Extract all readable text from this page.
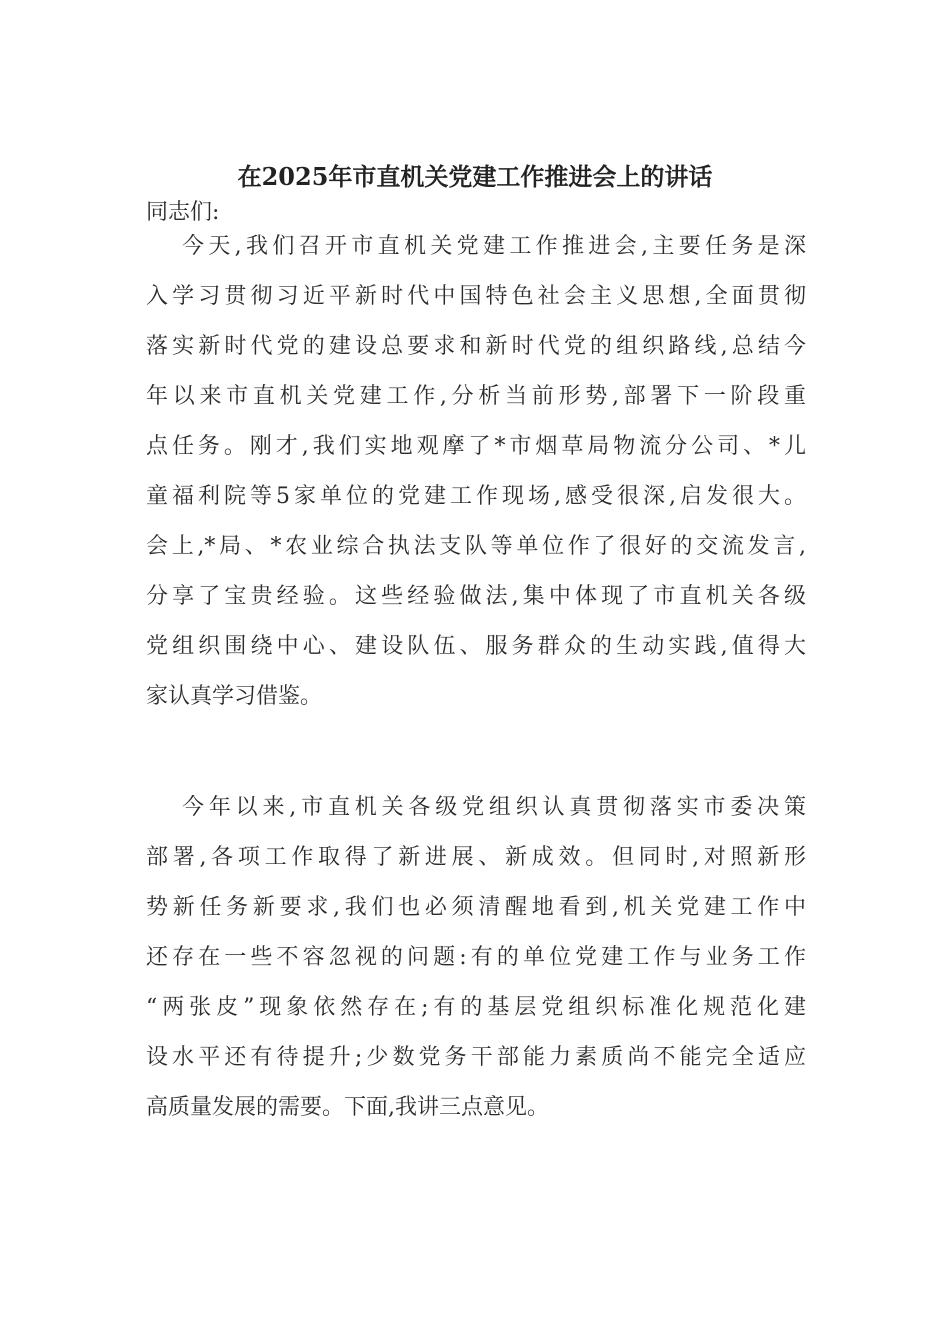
在2025年市直机关党建工作推进会上的讲话
同志们:
今天,我们召开市直机关党建工作推进会,主要任务是深
入学习贯彻习近平新时代中国特色社会主义思想,全面贯彻
落实新时代党的建设总要求和新时代党的组织路线,总结今
年以来市直机关党建工作,分析当前形势,部署下一阶段重
点任务。刚才,我们实地观摩了*市烟草局物流分公司、*儿
童福利院等5家单位的党建工作现场,感受很深,启发很大。
会上,*局、*农业综合执法支队等单位作了很好的交流发言,
分享了宝贵经验。这些经验做法,集中体现了市直机关各级
党组织围绕中心、建设队伍、服务群众的生动实践,值得大
家认真学习借鉴。
今年以来,市直机关各级党组织认真贯彻落实市委决策
部署,各项工作取得了新进展、新成效。但同时,对照新形
势新任务新要求,我们也必须清醒地看到,机关党建工作中
还存在一些不容忽视的问题:有的单位党建工作与业务工作
“两张皮”现象依然存在;有的基层党组织标准化规范化建
设水平还有待提升;少数党务干部能力素质尚不能完全适应
高质量发展的需要。下面,我讲三点意见。
